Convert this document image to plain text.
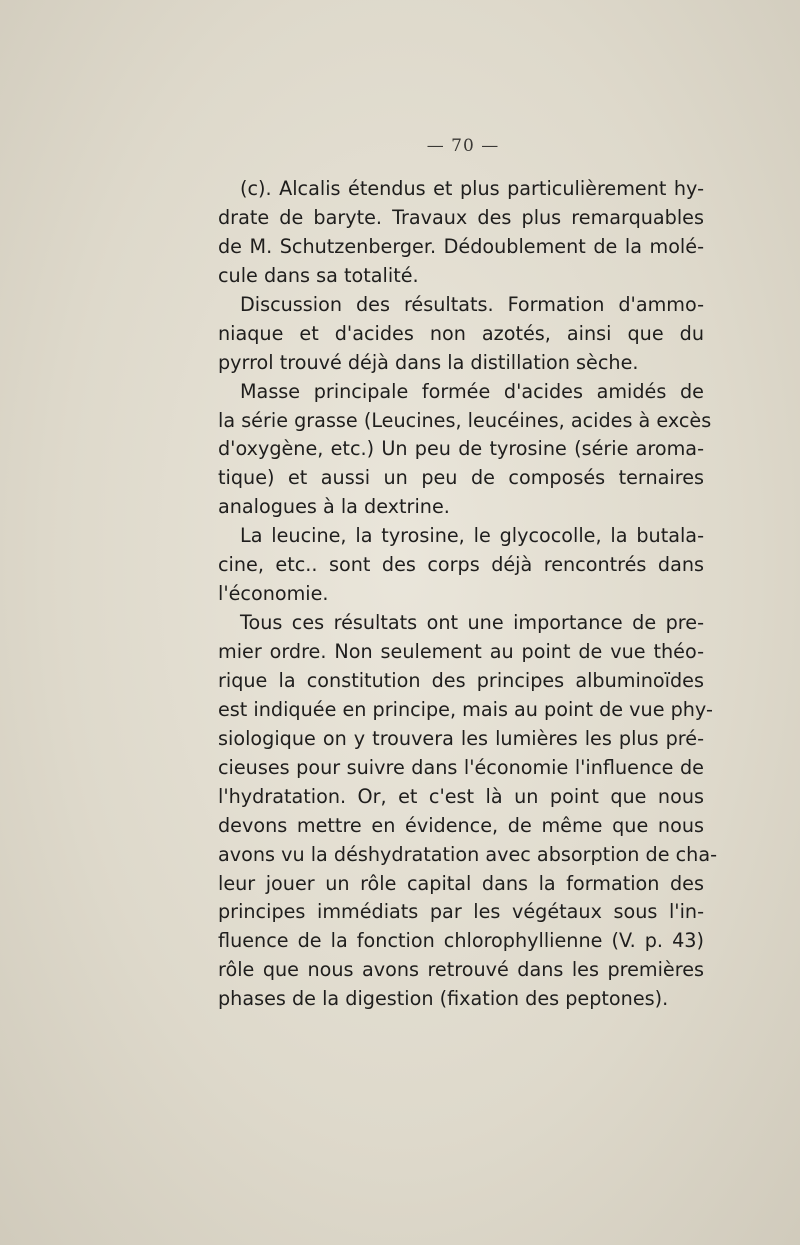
— 70 —
(c). Alcalis étendus et plus particulièrement hy-
drate de baryte. Travaux des plus remarquables
de M. Schutzenberger. Dédoublement de la molé-
cule dans sa totalité.
Discussion des résultats. Formation d'ammo-
niaque et d'acides non azotés, ainsi que du
pyrrol trouvé déjà dans la distillation sèche.
Masse principale formée d'acides amidés de
la série grasse (Leucines, leucéines, acides à excès
d'oxygène, etc.) Un peu de tyrosine (série aroma-
tique) et aussi un peu de composés ternaires
analogues à la dextrine.
La leucine, la tyrosine, le glycocolle, la butala-
cine, etc.. sont des corps déjà rencontrés dans
l'économie.
Tous ces résultats ont une importance de pre-
mier ordre. Non seulement au point de vue théo-
rique la constitution des principes albuminoïdes
est indiquée en principe, mais au point de vue phy-
siologique on y trouvera les lumières les plus pré-
cieuses pour suivre dans l'économie l'influence de
l'hydratation. Or, et c'est là un point que nous
devons mettre en évidence, de même que nous
avons vu la déshydratation avec absorption de cha-
leur jouer un rôle capital dans la formation des
principes immédiats par les végétaux sous l'in-
fluence de la fonction chlorophyllienne (V. p. 43)
rôle que nous avons retrouvé dans les premières
phases de la digestion (fixation des peptones).
